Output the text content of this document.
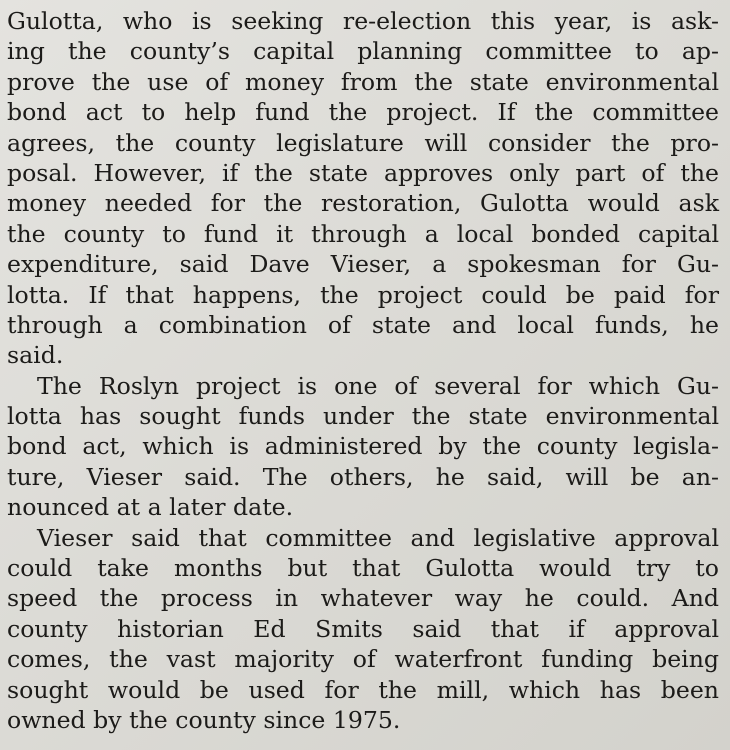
Gulotta, who is seeking re-election this year, is ask-
ing the county’s capital planning committee to ap-
prove the use of money from the state environmental
bond act to help fund the project. If the committee
agrees, the county legislature will consider the pro-
posal. However, if the state approves only part of the
money needed for the restoration, Gulotta would ask
the county to fund it through a local bonded capital
expenditure, said Dave Vieser, a spokesman for Gu-
lotta. If that happens, the project could be paid for
through a combination of state and local funds, he
said.
The Roslyn project is one of several for which Gu-
lotta has sought funds under the state environmental
bond act, which is administered by the county legisla-
ture, Vieser said. The others, he said, will be an-
nounced at a later date.
Vieser said that committee and legislative approval
could take months but that Gulotta would try to
speed the process in whatever way he could. And
county historian Ed Smits said that if approval
comes, the vast majority of waterfront funding being
sought would be used for the mill, which has been
owned by the county since 1975.
